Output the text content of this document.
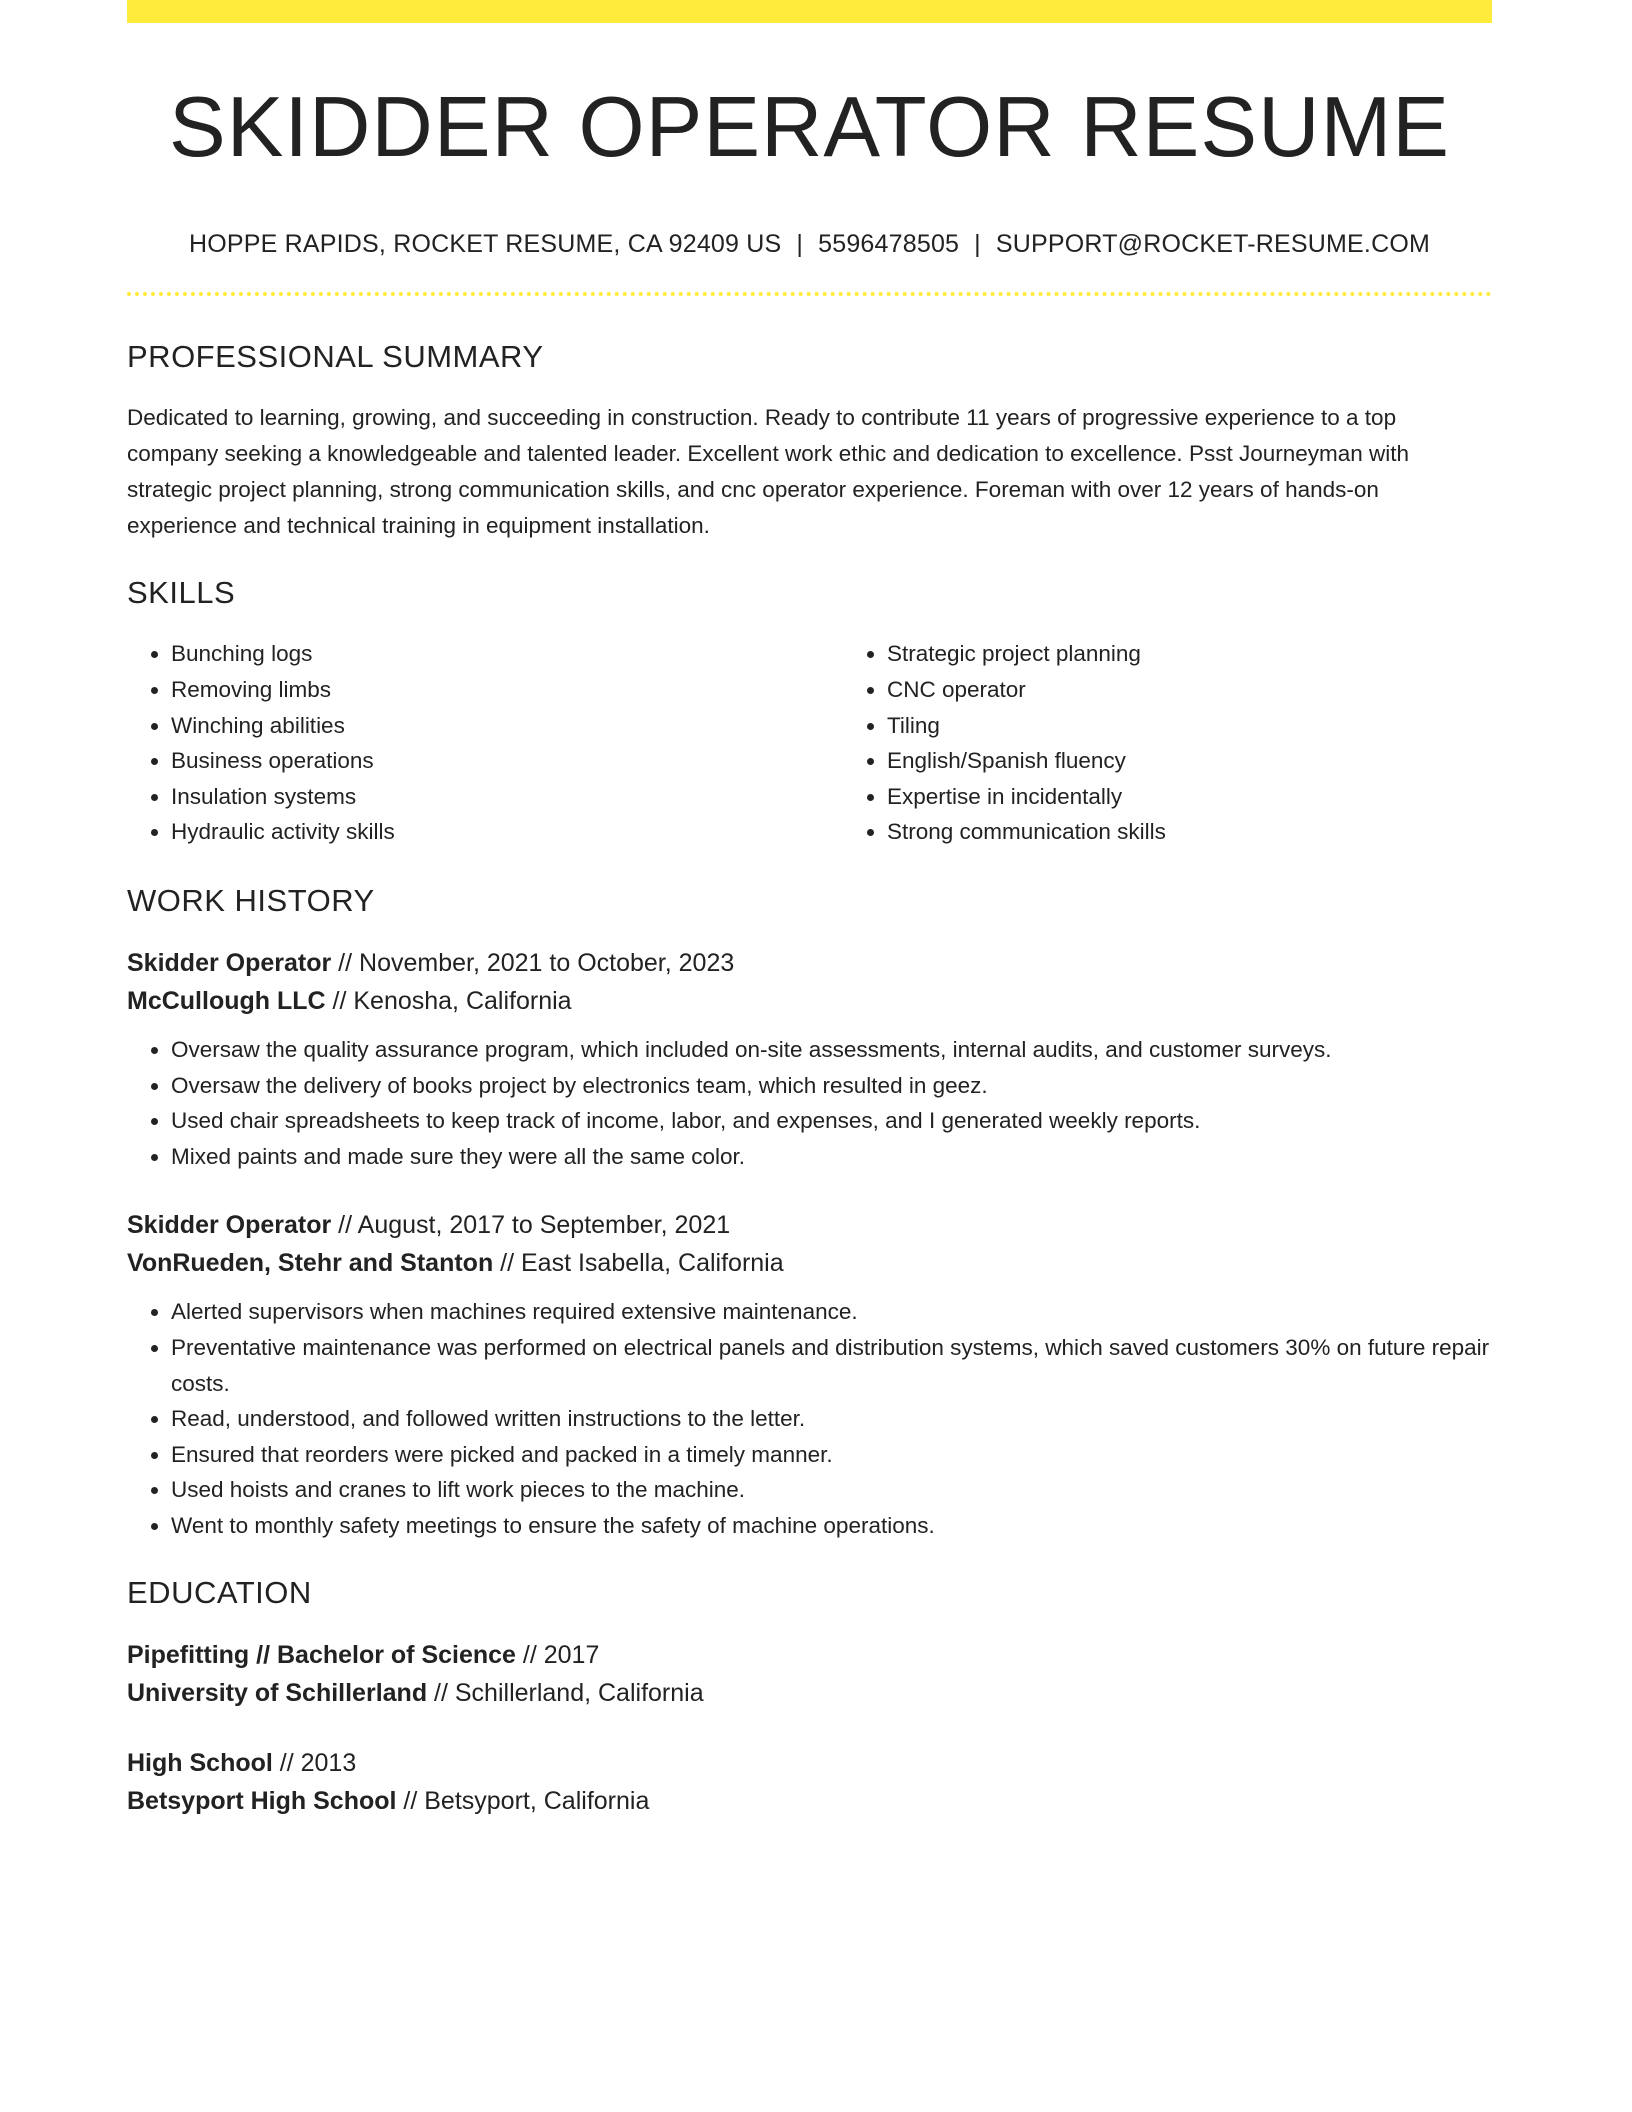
SKIDDER OPERATOR RESUME
HOPPE RAPIDS, ROCKET RESUME, CA 92409 US | 5596478505 | SUPPORT@ROCKET-RESUME.COM
PROFESSIONAL SUMMARY

Dedicated to learning, growing, and succeeding in construction. Ready to contribute 11 years of progressive experience to a top company seeking a knowledgeable and talented leader. Excellent work ethic and dedication to excellence. Psst Journeyman with strategic project planning, strong communication skills, and cnc operator experience. Foreman with over 12 years of hands-on experience and technical training in equipment installation.

SKILLS
• Bunching logs
• Removing limbs
• Winching abilities
• Business operations
• Insulation systems
• Hydraulic activity skills
• Strategic project planning
• CNC operator
• Tiling
• English/Spanish fluency
• Expertise in incidentally
• Strong communication skills
WORK HISTORY
Skidder Operator // November, 2021 to October, 2023
McCullough LLC // Kenosha, California
• Oversaw the quality assurance program, which included on-site assessments, internal audits, and customer surveys.
• Oversaw the delivery of books project by electronics team, which resulted in geez.
• Used chair spreadsheets to keep track of income, labor, and expenses, and I generated weekly reports.
• Mixed paints and made sure they were all the same color.
Skidder Operator // August, 2017 to September, 2021
VonRueden, Stehr and Stanton // East Isabella, California
• Alerted supervisors when machines required extensive maintenance.
• Preventative maintenance was performed on electrical panels and distribution systems, which saved customers 30% on future repair costs.
• Read, understood, and followed written instructions to the letter.
• Ensured that reorders were picked and packed in a timely manner.
• Used hoists and cranes to lift work pieces to the machine.
• Went to monthly safety meetings to ensure the safety of machine operations.
EDUCATION
Pipefitting // Bachelor of Science // 2017
University of Schillerland // Schillerland, California
High School // 2013
Betsyport High School // Betsyport, California
